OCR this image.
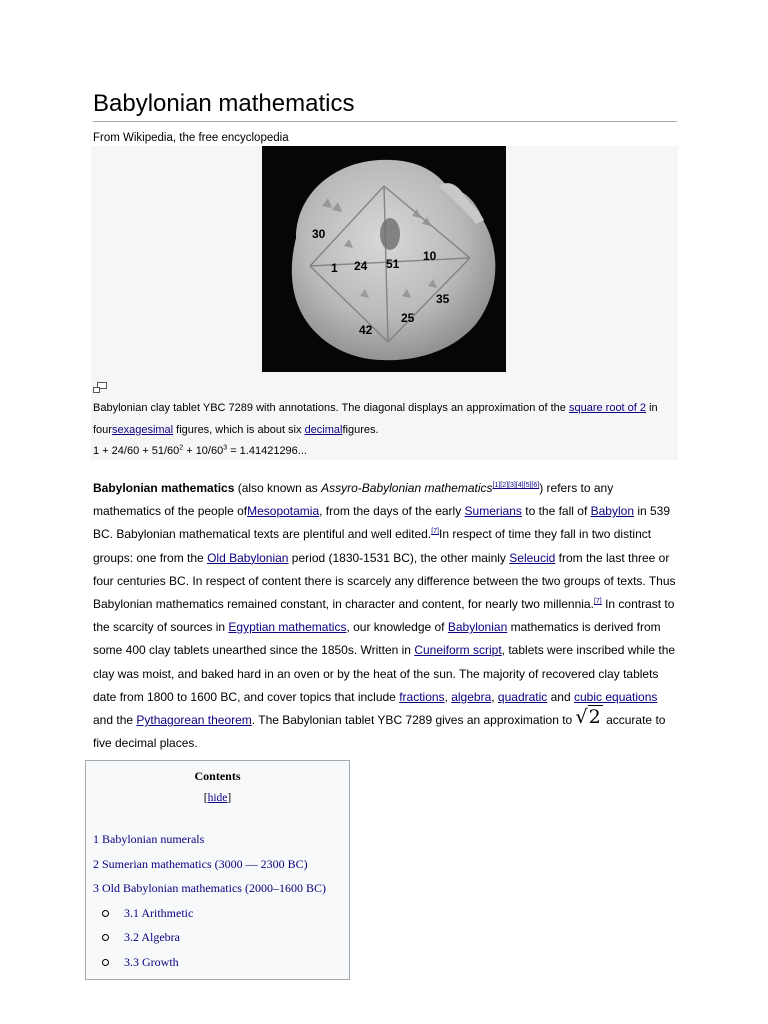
Babylonian mathematics
From Wikipedia, the free encyclopedia
30
1 24 51
10
35
25
42

Babylonian clay tablet YBC 7289 with annotations. The diagonal displays an approximation of the square root of 2 in foursexagesimal figures, which is about six decimalfigures.

$1 + 24/60 + 51/60^2 + 10/60^3 = 1.41421296$...

Babylonian mathematics (also known as Assyro-Babylonian mathematics[1][2][3][4][5][6]) refers to any mathematics of the people ofMesopotamia, from the days of the early Sumerians to the fall of Babylon in 539 BC. Babylonian mathematical texts are plentiful and well edited.[7]In respect of time they fall in two distinct groups: one from the Old Babylonian period (1830-1531 BC), the other mainly Seleucid from the last three or four centuries BC. In respect of content there is scarcely any difference between the two groups of texts. Thus Babylonian mathematics remained constant, in character and content, for nearly two millennia.[7] In contrast to the scarcity of sources in Egyptian mathematics, our knowledge of Babylonian mathematics is derived from some 400 clay tablets unearthed since the 1850s. Written in Cuneiform script, tablets were inscribed while the clay was moist, and baked hard in an oven or by the heat of the sun. The majority of recovered clay tablets date from 1800 to 1600 BC, and cover topics that include fractions, algebra, quadratic and cubic equations and the Pythagorean theorem. The Babylonian tablet YBC 7289 gives an approximation to √2 accurate to five decimal places.

Contents
[hide]
1 Babylonian numerals
2 Sumerian mathematics (3000 — 2300 BC)
3 Old Babylonian mathematics (2000–1600 BC)
3.1 Arithmetic
3.2 Algebra
3.3 Growth
